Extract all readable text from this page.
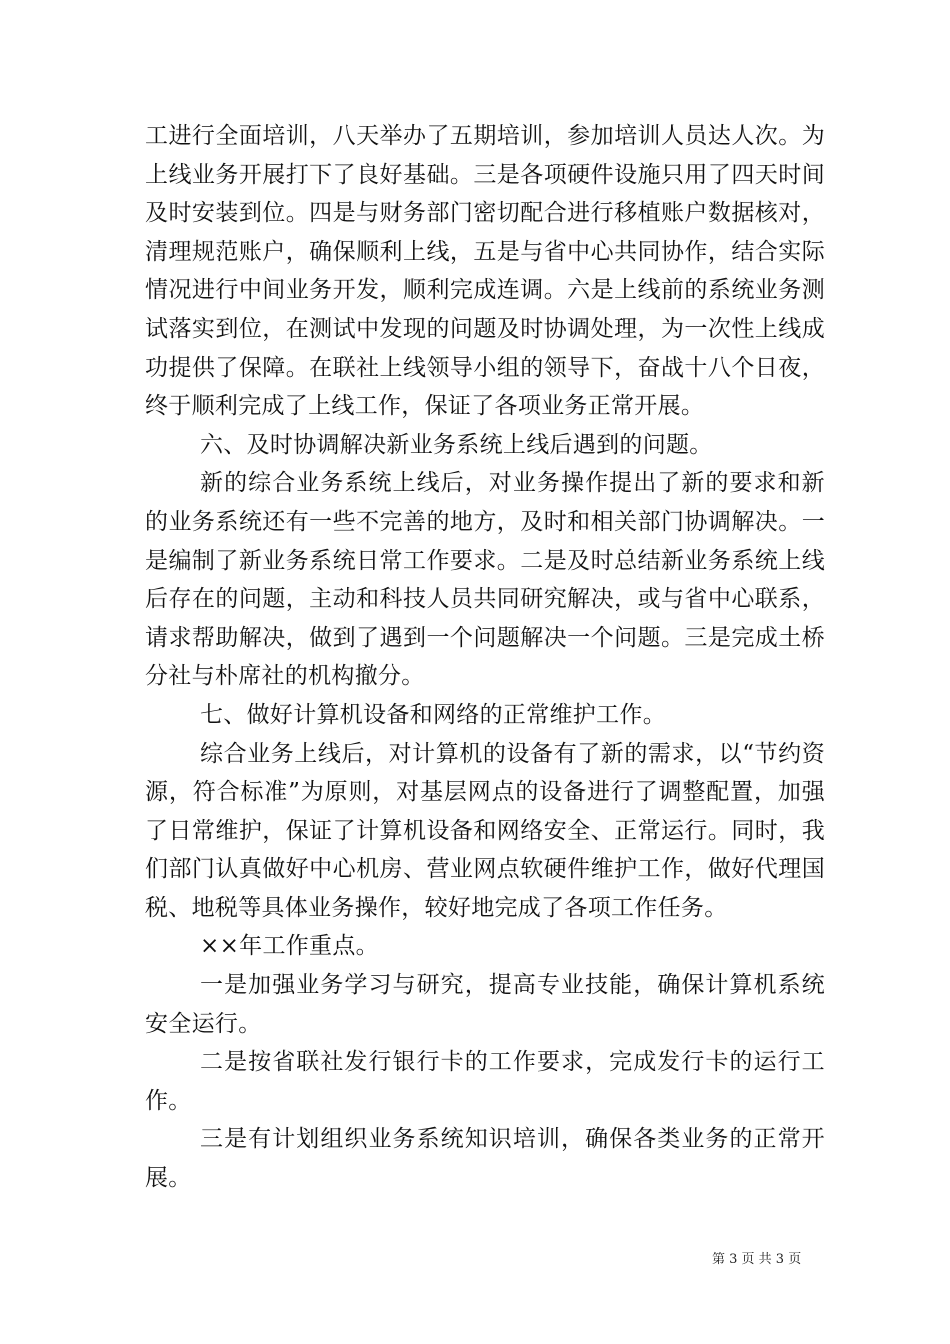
工进行全面培训，八天举办了五期培训，参加培训人员达人次。为上线业务开展打下了良好基础。三是各项硬件设施只用了四天时间及时安装到位。四是与财务部门密切配合进行移植账户数据核对，清理规范账户，确保顺利上线，五是与省中心共同协作，结合实际情况进行中间业务开发，顺利完成连调。六是上线前的系统业务测试落实到位，在测试中发现的问题及时协调处理，为一次性上线成功提供了保障。在联社上线领导小组的领导下，奋战十八个日夜，终于顺利完成了上线工作，保证了各项业务正常开展。

六、及时协调解决新业务系统上线后遇到的问题。

新的综合业务系统上线后，对业务操作提出了新的要求和新的业务系统还有一些不完善的地方，及时和相关部门协调解决。一是编制了新业务系统日常工作要求。二是及时总结新业务系统上线后存在的问题，主动和科技人员共同研究解决，或与省中心联系，请求帮助解决，做到了遇到一个问题解决一个问题。三是完成土桥分社与朴席社的机构撤分。

七、做好计算机设备和网络的正常维护工作。

综合业务上线后，对计算机的设备有了新的需求，以“节约资源，符合标准”为原则，对基层网点的设备进行了调整配置，加强了日常维护，保证了计算机设备和网络安全、正常运行。同时，我们部门认真做好中心机房、营业网点软硬件维护工作，做好代理国税、地税等具体业务操作，较好地完成了各项工作任务。

××年工作重点。

一是加强业务学习与研究，提高专业技能，确保计算机系统安全运行。

二是按省联社发行银行卡的工作要求，完成发行卡的运行工作。

三是有计划组织业务系统知识培训，确保各类业务的正常开展。

第 3 页 共 3 页
